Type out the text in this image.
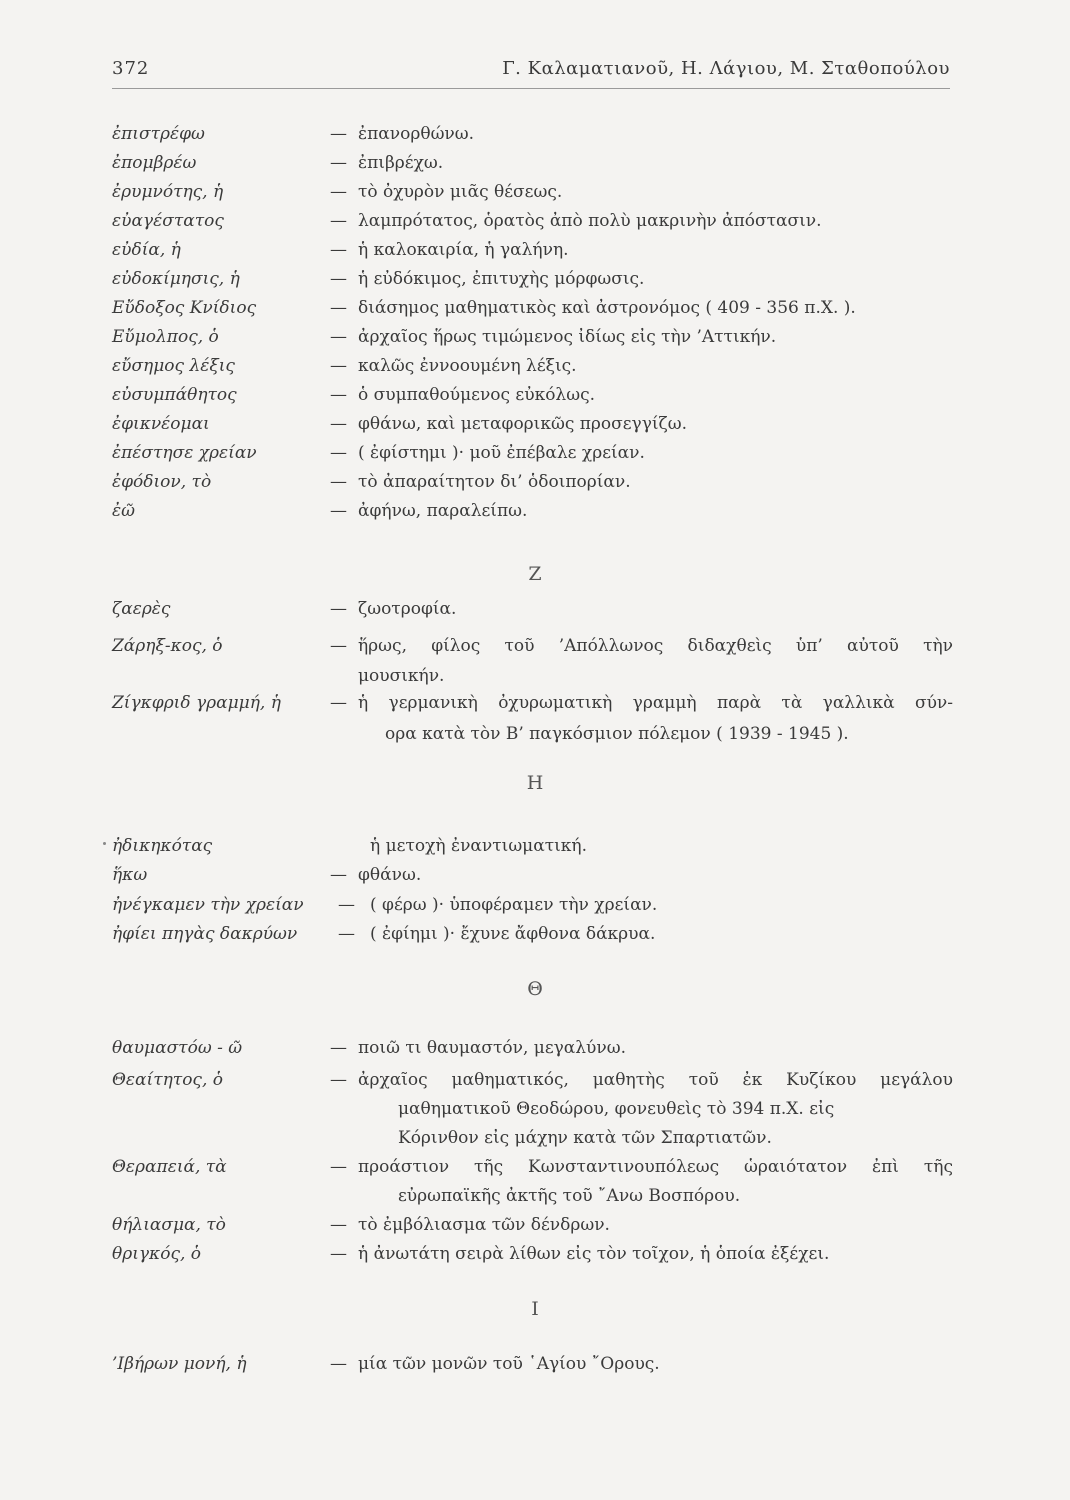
372	Γ. Καλαματιανοῦ, Η. Λάγιου, Μ. Σταθοπούλου
ἐπιστρέφω	— ἐπανορθώνω.
ἐπομβρέω	— ἐπιβρέχω.
ἐρυμνότης, ἡ	— τὸ ὀχυρὸν μιᾶς θέσεως.
εὐαγέστατος	— λαμπρότατος, ὁρατὸς ἀπὸ πολὺ μακρινὴν ἀπόστασιν.
εὐδία, ἡ	— ἡ καλοκαιρία, ἡ γαλήνη.
εὐδοκίμησις, ἡ	— ἡ εὐδόκιμος, ἐπιτυχὴς μόρφωσις.
Εὔδοξος Κνίδιος	— διάσημος μαθηματικὸς καὶ ἀστρονόμος ( 409 - 356 π.Χ. ).
Εὔμολπος, ὁ	— ἀρχαῖος ἥρως τιμώμενος ἰδίως εἰς τὴν ’Αττικήν.
εὔσημος λέξις	— καλῶς ἐννοουμένη λέξις.
εὐσυμπάθητος	— ὁ συμπαθούμενος εὐκόλως.
ἐφικνέομαι	— φθάνω, καὶ μεταφορικῶς προσεγγίζω.
ἐπέστησε χρείαν	— ( ἐφίστημι )· μοῦ ἐπέβαλε χρείαν.
ἐφόδιον, τὸ	— τὸ ἀπαραίτητον δι’ ὁδοιπορίαν.
ἐῶ	— ἀφήνω, παραλείπω.
Z
ζαερὲς	— ζωοτροφία.
Ζάρηξ-κος, ὁ	— ἥρως, φίλος τοῦ ’Απόλλωνος διδαχθεὶς ὑπ’ αὐτοῦ τὴν
μουσικήν.
Ζίγκφριδ γραμμή, ἡ	— ἡ γερμανικὴ ὀχυρωματικὴ γραμμὴ παρὰ τὰ γαλλικὰ σύν-
ορα κατὰ τὸν Β’ παγκόσμιον πόλεμον ( 1939 - 1945 ).
H
ἠδικηκότας	ἡ μετοχὴ ἐναντιωματική.
ἥκω	— φθάνω.
ἠνέγκαμεν τὴν χρείαν — ( φέρω )· ὑποφέραμεν τὴν χρείαν.
ἠφίει πηγὰς δακρύων — ( ἐφίημι )· ἔχυνε ἄφθονα δάκρυα.
Θ
θαυμαστόω - ῶ	— ποιῶ τι θαυμαστόν, μεγαλύνω.
Θεαίτητος, ὁ	— ἀρχαῖος μαθηματικός, μαθητὴς τοῦ ἐκ Κυζίκου μεγάλου
μαθηματικοῦ Θεοδώρου, φονευθεὶς τὸ 394 π.Χ. εἰς
Κόρινθον εἰς μάχην κατὰ τῶν Σπαρτιατῶν.
Θεραπειά, τὰ	— προάστιον τῆς Κωνσταντινουπόλεως ὡραιότατον ἐπὶ τῆς
εὐρωπαϊκῆς ἀκτῆς τοῦ ῎Ανω Βοσπόρου.
θήλιασμα, τὸ	— τὸ ἐμβόλιασμα τῶν δένδρων.
θριγκός, ὁ	— ἡ ἀνωτάτη σειρὰ λίθων εἰς τὸν τοῖχον, ἡ ὁποία ἐξέχει.
I
’Ιβήρων μονή, ἡ	— μία τῶν μονῶν τοῦ ῾Αγίου ῎Ορους.
